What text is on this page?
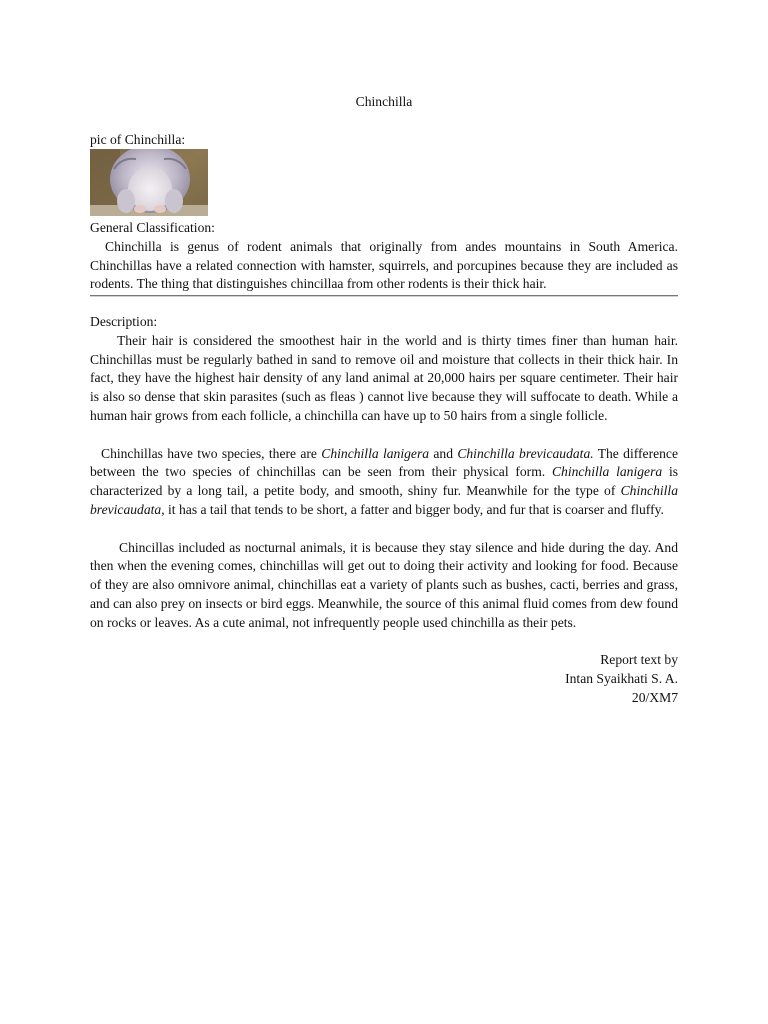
Chinchilla
pic of Chinchilla:
General Classification:

Chinchilla is genus of rodent animals that originally from andes mountains in South America. Chinchillas have a related connection with hamster, squirrels, and porcupines because they are included as rodents. The thing that distinguishes chincillaa from other rodents is their thick hair.

Description:

Their hair is considered the smoothest hair in the world and is thirty times finer than human hair. Chinchillas must be regularly bathed in sand to remove oil and moisture that collects in their thick hair. In fact, they have the highest hair density of any land animal at 20,000 hairs per square centimeter. Their hair is also so dense that skin parasites (such as fleas ) cannot live because they will suffocate to death. While a human hair grows from each follicle, a chinchilla can have up to 50 hairs from a single follicle.

Chinchillas have two species, there are Chinchilla lanigera and Chinchilla brevicaudata. The difference between the two species of chinchillas can be seen from their physical form. Chinchilla lanigera is characterized by a long tail, a petite body, and smooth, shiny fur. Meanwhile for the type of Chinchilla brevicaudata, it has a tail that tends to be short, a fatter and bigger body, and fur that is coarser and fluffy.

Chincillas included as nocturnal animals, it is because they stay silence and hide during the day. And then when the evening comes, chinchillas will get out to doing their activity and looking for food. Because of they are also omnivore animal, chinchillas eat a variety of plants such as bushes, cacti, berries and grass, and can also prey on insects or bird eggs. Meanwhile, the source of this animal fluid comes from dew found on rocks or leaves. As a cute animal, not infrequently people used chinchilla as their pets.

Report text by
Intan Syaikhati S. A.
20/XM7
